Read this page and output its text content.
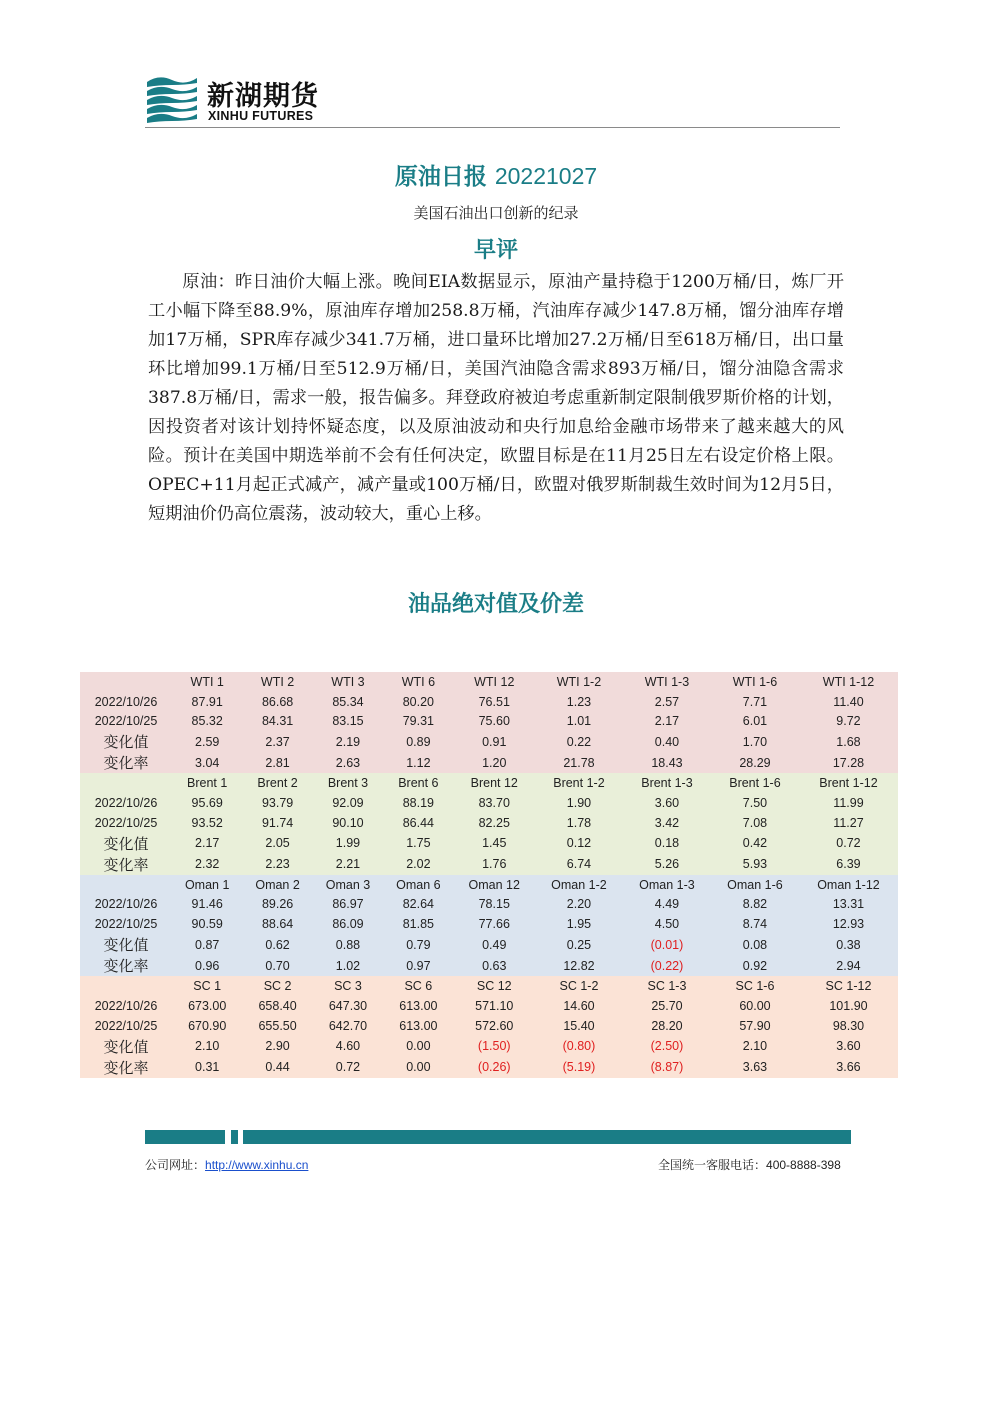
新湖期货
XINHU FUTURES
原油日报 20221027
美国石油出口创新的纪录
早评
原油：昨日油价大幅上涨。晚间EIA数据显示，原油产量持稳于1200万桶/日，炼厂开工小幅下降至88.9%，原油库存增加258.8万桶，汽油库存减少147.8万桶，馏分油库存增加17万桶，SPR库存减少341.7万桶，进口量环比增加27.2万桶/日至618万桶/日，出口量环比增加99.1万桶/日至512.9万桶/日，美国汽油隐含需求893万桶/日，馏分油隐含需求387.8万桶/日，需求一般，报告偏多。拜登政府被迫考虑重新制定限制俄罗斯价格的计划，因投资者对该计划持怀疑态度，以及原油波动和央行加息给金融市场带来了越来越大的风险。预计在美国中期选举前不会有任何决定，欧盟目标是在11月25日左右设定价格上限。OPEC+11月起正式减产，减产量或100万桶/日，欧盟对俄罗斯制裁生效时间为12月5日，短期油价仍高位震荡，波动较大，重心上移。
油品绝对值及价差
	WTI 1	WTI 2	WTI 3	WTI 6	WTI 12	WTI 1-2	WTI 1-3	WTI 1-6	WTI 1-12
2022/10/26	87.91	86.68	85.34	80.20	76.51	1.23	2.57	7.71	11.40
2022/10/25	85.32	84.31	83.15	79.31	75.60	1.01	2.17	6.01	9.72
变化值	2.59	2.37	2.19	0.89	0.91	0.22	0.40	1.70	1.68
变化率	3.04	2.81	2.63	1.12	1.20	21.78	18.43	28.29	17.28
	Brent 1	Brent 2	Brent 3	Brent 6	Brent 12	Brent 1-2	Brent 1-3	Brent 1-6	Brent 1-12
2022/10/26	95.69	93.79	92.09	88.19	83.70	1.90	3.60	7.50	11.99
2022/10/25	93.52	91.74	90.10	86.44	82.25	1.78	3.42	7.08	11.27
变化值	2.17	2.05	1.99	1.75	1.45	0.12	0.18	0.42	0.72
变化率	2.32	2.23	2.21	2.02	1.76	6.74	5.26	5.93	6.39
	Oman 1	Oman 2	Oman 3	Oman 6	Oman 12	Oman 1-2	Oman 1-3	Oman 1-6	Oman 1-12
2022/10/26	91.46	89.26	86.97	82.64	78.15	2.20	4.49	8.82	13.31
2022/10/25	90.59	88.64	86.09	81.85	77.66	1.95	4.50	8.74	12.93
变化值	0.87	0.62	0.88	0.79	0.49	0.25	(0.01)	0.08	0.38
变化率	0.96	0.70	1.02	0.97	0.63	12.82	(0.22)	0.92	2.94
	SC 1	SC 2	SC 3	SC 6	SC 12	SC 1-2	SC 1-3	SC 1-6	SC 1-12
2022/10/26	673.00	658.40	647.30	613.00	571.10	14.60	25.70	60.00	101.90
2022/10/25	670.90	655.50	642.70	613.00	572.60	15.40	28.20	57.90	98.30
变化值	2.10	2.90	4.60	0.00	(1.50)	(0.80)	(2.50)	2.10	3.60
变化率	0.31	0.44	0.72	0.00	(0.26)	(5.19)	(8.87)	3.63	3.66
公司网址：http://www.xinhu.cn	全国统一客服电话：400-8888-398
